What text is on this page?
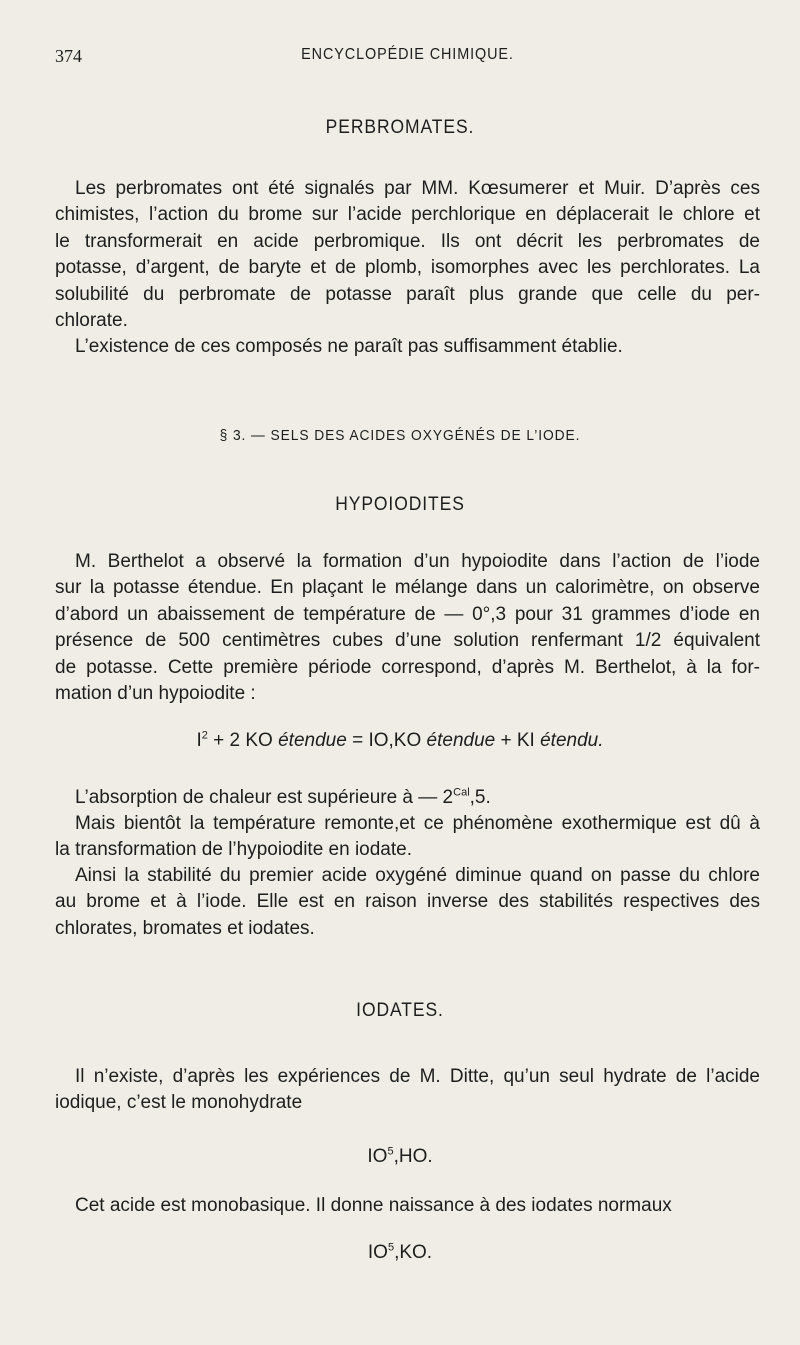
374	ENCYCLOPÉDIE CHIMIQUE.
PERBROMATES.
Les perbromates ont été signalés par MM. Kœsumerer et Muir. D’après ces
chimistes, l’action du brome sur l’acide perchlorique en déplacerait le chlore et
le transformerait en acide perbromique. Ils ont décrit les perbromates de
potasse, d’argent, de baryte et de plomb, isomorphes avec les perchlorates. La
solubilité du perbromate de potasse paraît plus grande que celle du per-
chlorate.
L’existence de ces composés ne paraît pas suffisamment établie.
§ 3. — SELS DES ACIDES OXYGÉNÉS DE L’IODE.
HYPOIODITES
M. Berthelot a observé la formation d’un hypoiodite dans l’action de l’iode
sur la potasse étendue. En plaçant le mélange dans un calorimètre, on observe
d’abord un abaissement de température de — 0°,3 pour 31 grammes d’iode en
présence de 500 centimètres cubes d’une solution renfermant 1/2 équivalent
de potasse. Cette première période correspond, d’après M. Berthelot, à la for-
mation d’un hypoiodite :
$I^2 + 2$ KO étendue = IO,KO étendue + KI étendu.
L’absorption de chaleur est supérieure à — $2^{Cal},5$.
Mais bientôt la température remonte,et ce phénomène exothermique est dû à
la transformation de l’hypoiodite en iodate.
Ainsi la stabilité du premier acide oxygéné diminue quand on passe du chlore
au brome et à l’iode. Elle est en raison inverse des stabilités respectives des
chlorates, bromates et iodates.
IODATES.
Il n’existe, d’après les expériences de M. Ditte, qu’un seul hydrate de l’acide
iodique, c’est le monohydrate
$IO^5,HO$.
Cet acide est monobasique. Il donne naissance à des iodates normaux
$IO^5,KO$.
